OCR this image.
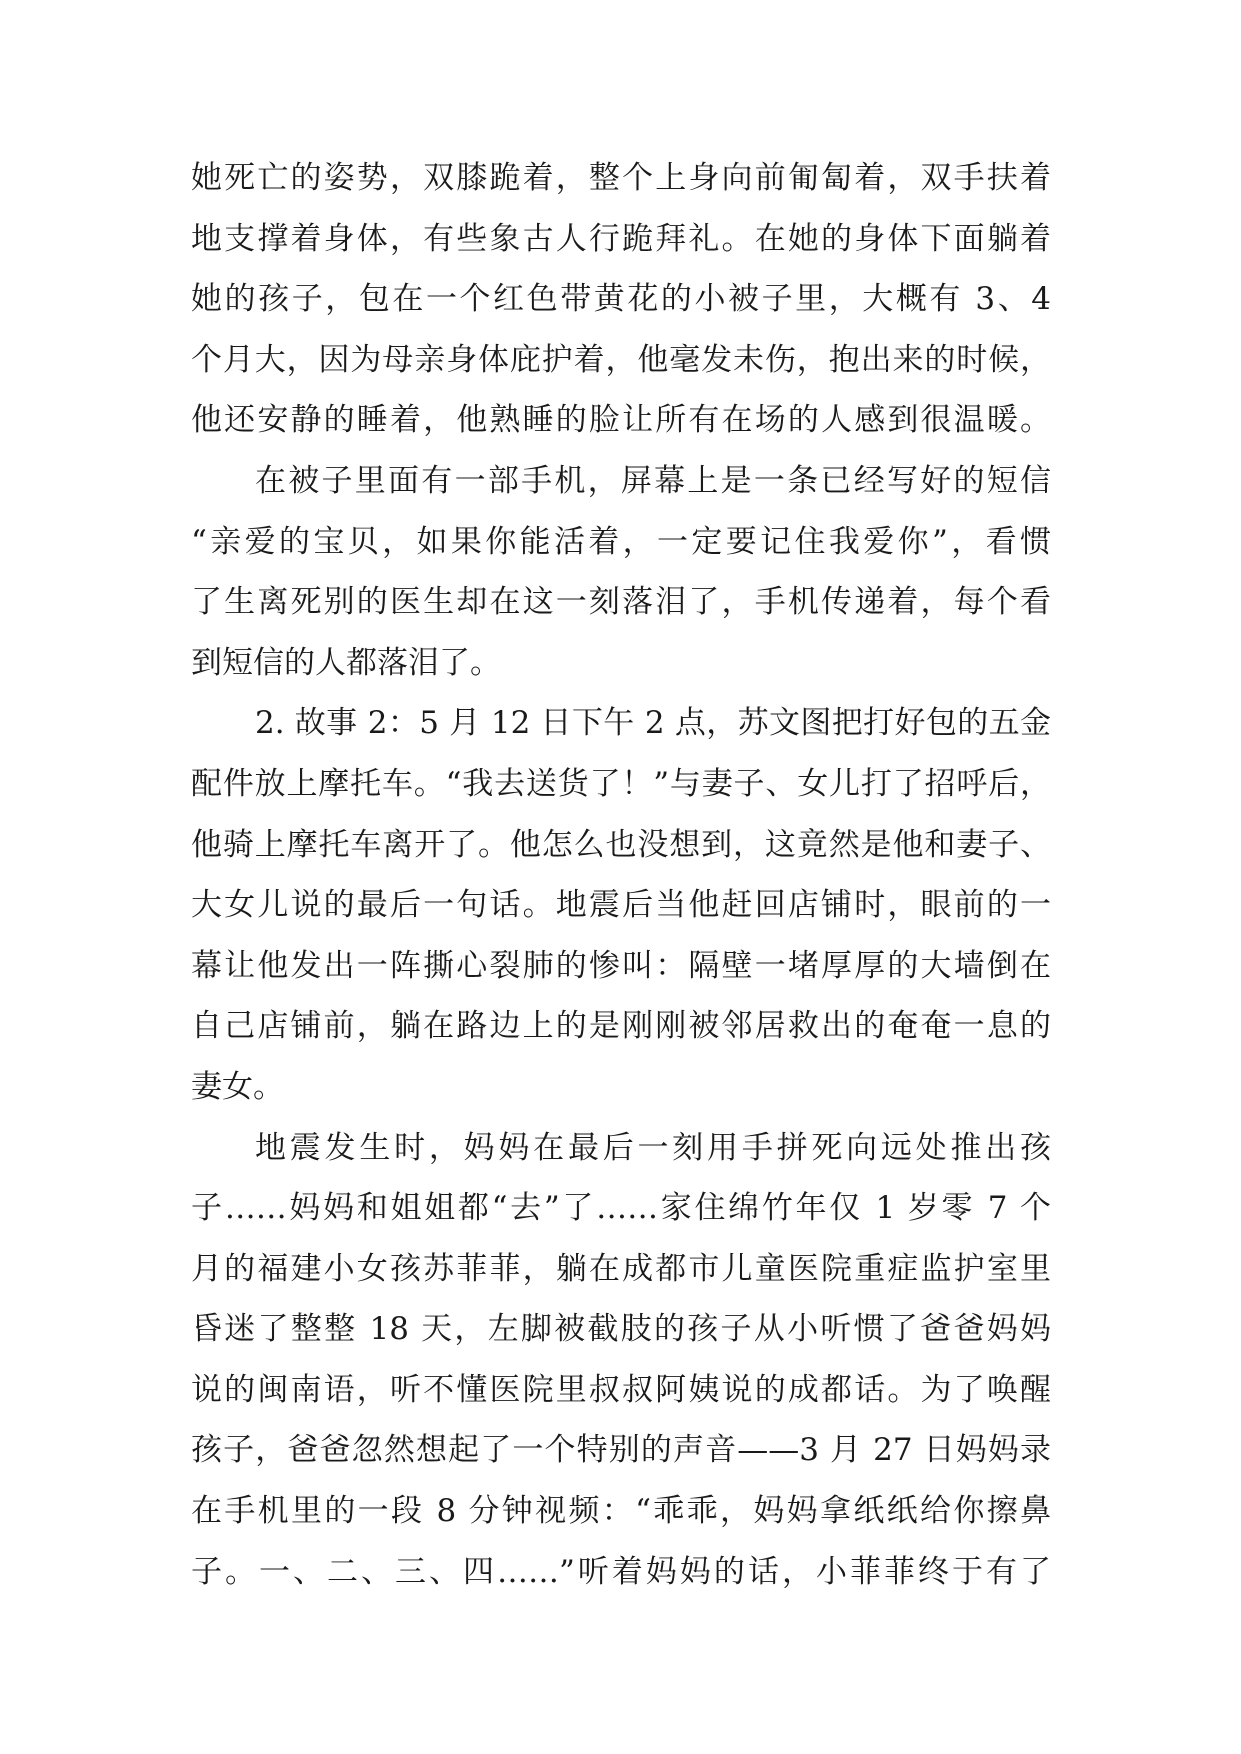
她死亡的姿势，双膝跪着，整个上身向前匍匐着，双手扶着
地支撑着身体，有些象古人行跪拜礼。在她的身体下面躺着
她的孩子，包在一个红色带黄花的小被子里，大概有 3、4
个月大，因为母亲身体庇护着，他毫发未伤，抱出来的时候，
他还安静的睡着，他熟睡的脸让所有在场的人感到很温暖。
在被子里面有一部手机，屏幕上是一条已经写好的短信
“亲爱的宝贝，如果你能活着，一定要记住我爱你”，看惯
了生离死别的医生却在这一刻落泪了，手机传递着，每个看
到短信的人都落泪了。
2. 故事 2：5 月 12 日下午 2 点，苏文图把打好包的五金
配件放上摩托车。“我去送货了！”与妻子、女儿打了招呼后，
他骑上摩托车离开了。他怎么也没想到，这竟然是他和妻子、
大女儿说的最后一句话。地震后当他赶回店铺时，眼前的一
幕让他发出一阵撕心裂肺的惨叫：隔壁一堵厚厚的大墙倒在
自己店铺前，躺在路边上的是刚刚被邻居救出的奄奄一息的
妻女。
地震发生时，妈妈在最后一刻用手拼死向远处推出孩
子……妈妈和姐姐都“去”了……家住绵竹年仅 1 岁零 7 个
月的福建小女孩苏菲菲，躺在成都市儿童医院重症监护室里
昏迷了整整 18 天，左脚被截肢的孩子从小听惯了爸爸妈妈
说的闽南语，听不懂医院里叔叔阿姨说的成都话。为了唤醒
孩子，爸爸忽然想起了一个特别的声音——3 月 27 日妈妈录
在手机里的一段 8 分钟视频：“乖乖，妈妈拿纸纸给你擦鼻
子。一、二、三、四……”听着妈妈的话，小菲菲终于有了
